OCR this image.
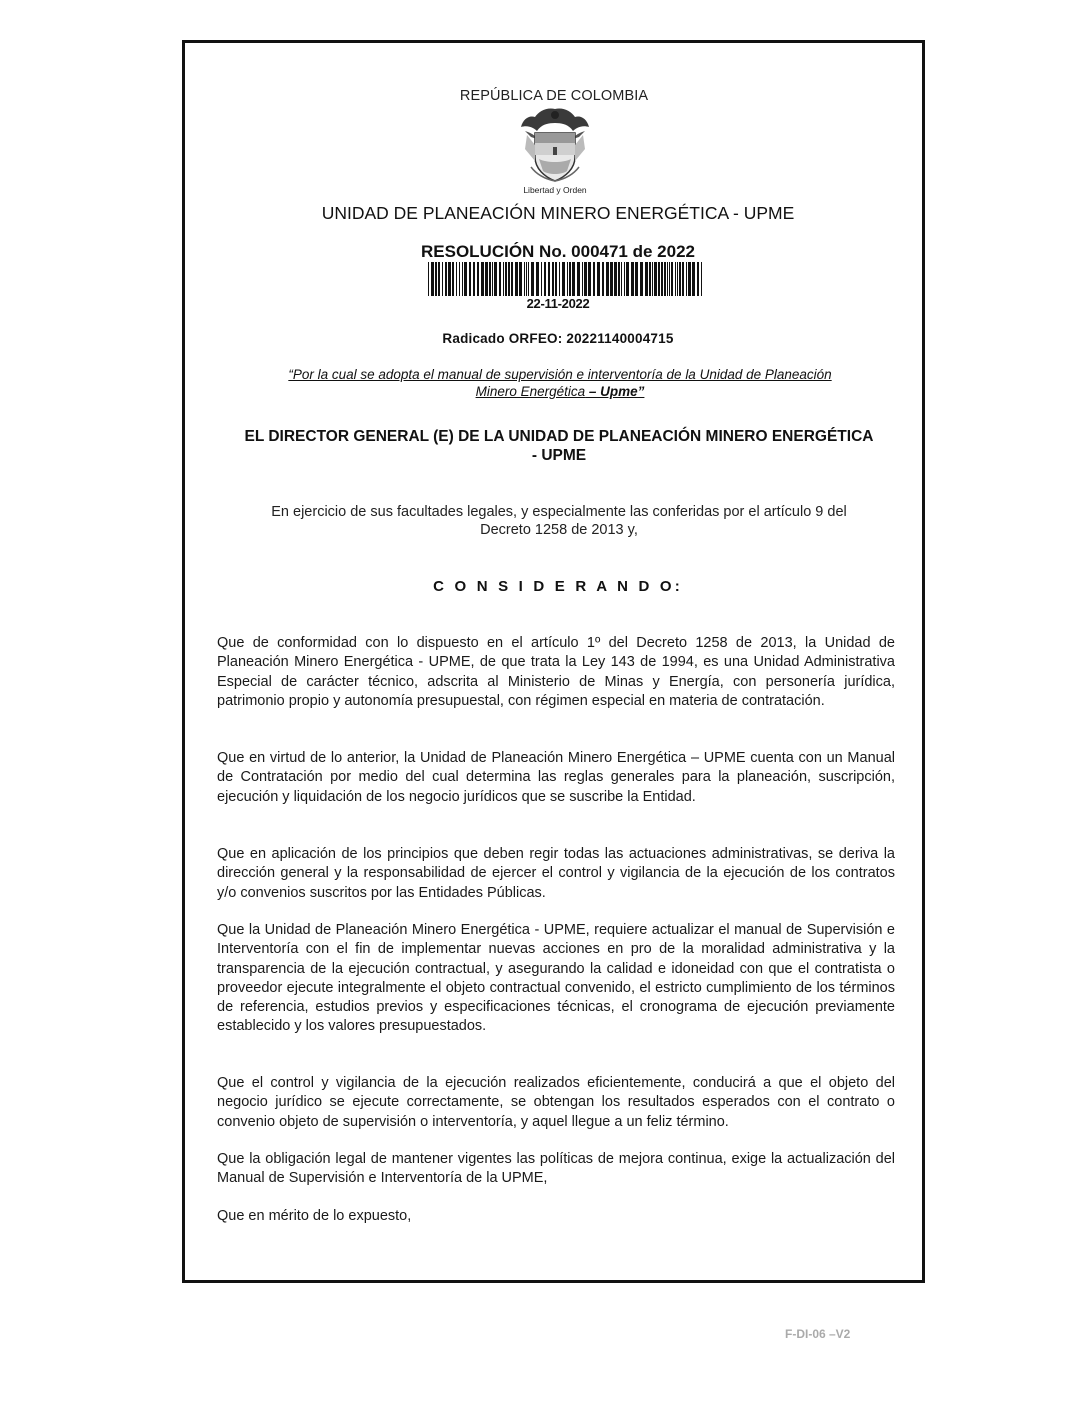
REPÚBLICA DE COLOMBIA
Libertad y Orden
UNIDAD DE PLANEACIÓN MINERO ENERGÉTICA - UPME
RESOLUCIÓN No. 000471 de 2022
22-11-2022
Radicado ORFEO: 20221140004715
“Por la cual se adopta el manual de supervisión e interventoría de la Unidad de Planeación
Minero Energética – Upme”
EL DIRECTOR GENERAL (E) DE LA UNIDAD DE PLANEACIÓN MINERO ENERGÉTICA
- UPME
En ejercicio de sus facultades legales, y especialmente las conferidas por el artículo 9 del
Decreto 1258 de 2013 y,
C O N S I D E R A N D O:
Que de conformidad con lo dispuesto en el artículo 1º del Decreto 1258 de 2013, la Unidad de Planeación Minero Energética - UPME, de que trata la Ley 143 de 1994, es una Unidad Administrativa Especial de carácter técnico, adscrita al Ministerio de Minas y Energía, con personería jurídica, patrimonio propio y autonomía presupuestal, con régimen especial en materia de contratación.
Que en virtud de lo anterior, la Unidad de Planeación Minero Energética – UPME cuenta con un Manual de Contratación por medio del cual determina las reglas generales para la planeación, suscripción, ejecución y liquidación de los negocio jurídicos que se suscribe la Entidad.
Que en aplicación de los principios que deben regir todas las actuaciones administrativas, se deriva la dirección general y la responsabilidad de ejercer el control y vigilancia de la ejecución de los contratos y/o convenios suscritos por las Entidades Públicas.
Que la Unidad de Planeación Minero Energética - UPME, requiere actualizar el manual de Supervisión e Interventoría con el fin de implementar nuevas acciones en pro de la moralidad administrativa y la transparencia de la ejecución contractual, y asegurando la calidad e idoneidad con que el contratista o proveedor ejecute integralmente el objeto contractual convenido, el estricto cumplimiento de los términos de referencia, estudios previos y especificaciones técnicas, el cronograma de ejecución previamente establecido y los valores presupuestados.
Que el control y vigilancia de la ejecución realizados eficientemente, conducirá a que el objeto del negocio jurídico se ejecute correctamente, se obtengan los resultados esperados con el contrato o convenio objeto de supervisión o interventoría, y aquel llegue a un feliz término.
Que la obligación legal de mantener vigentes las políticas de mejora continua, exige la actualización del Manual de Supervisión e Interventoría de la UPME,
Que en mérito de lo expuesto,
F-DI-06 –V2
